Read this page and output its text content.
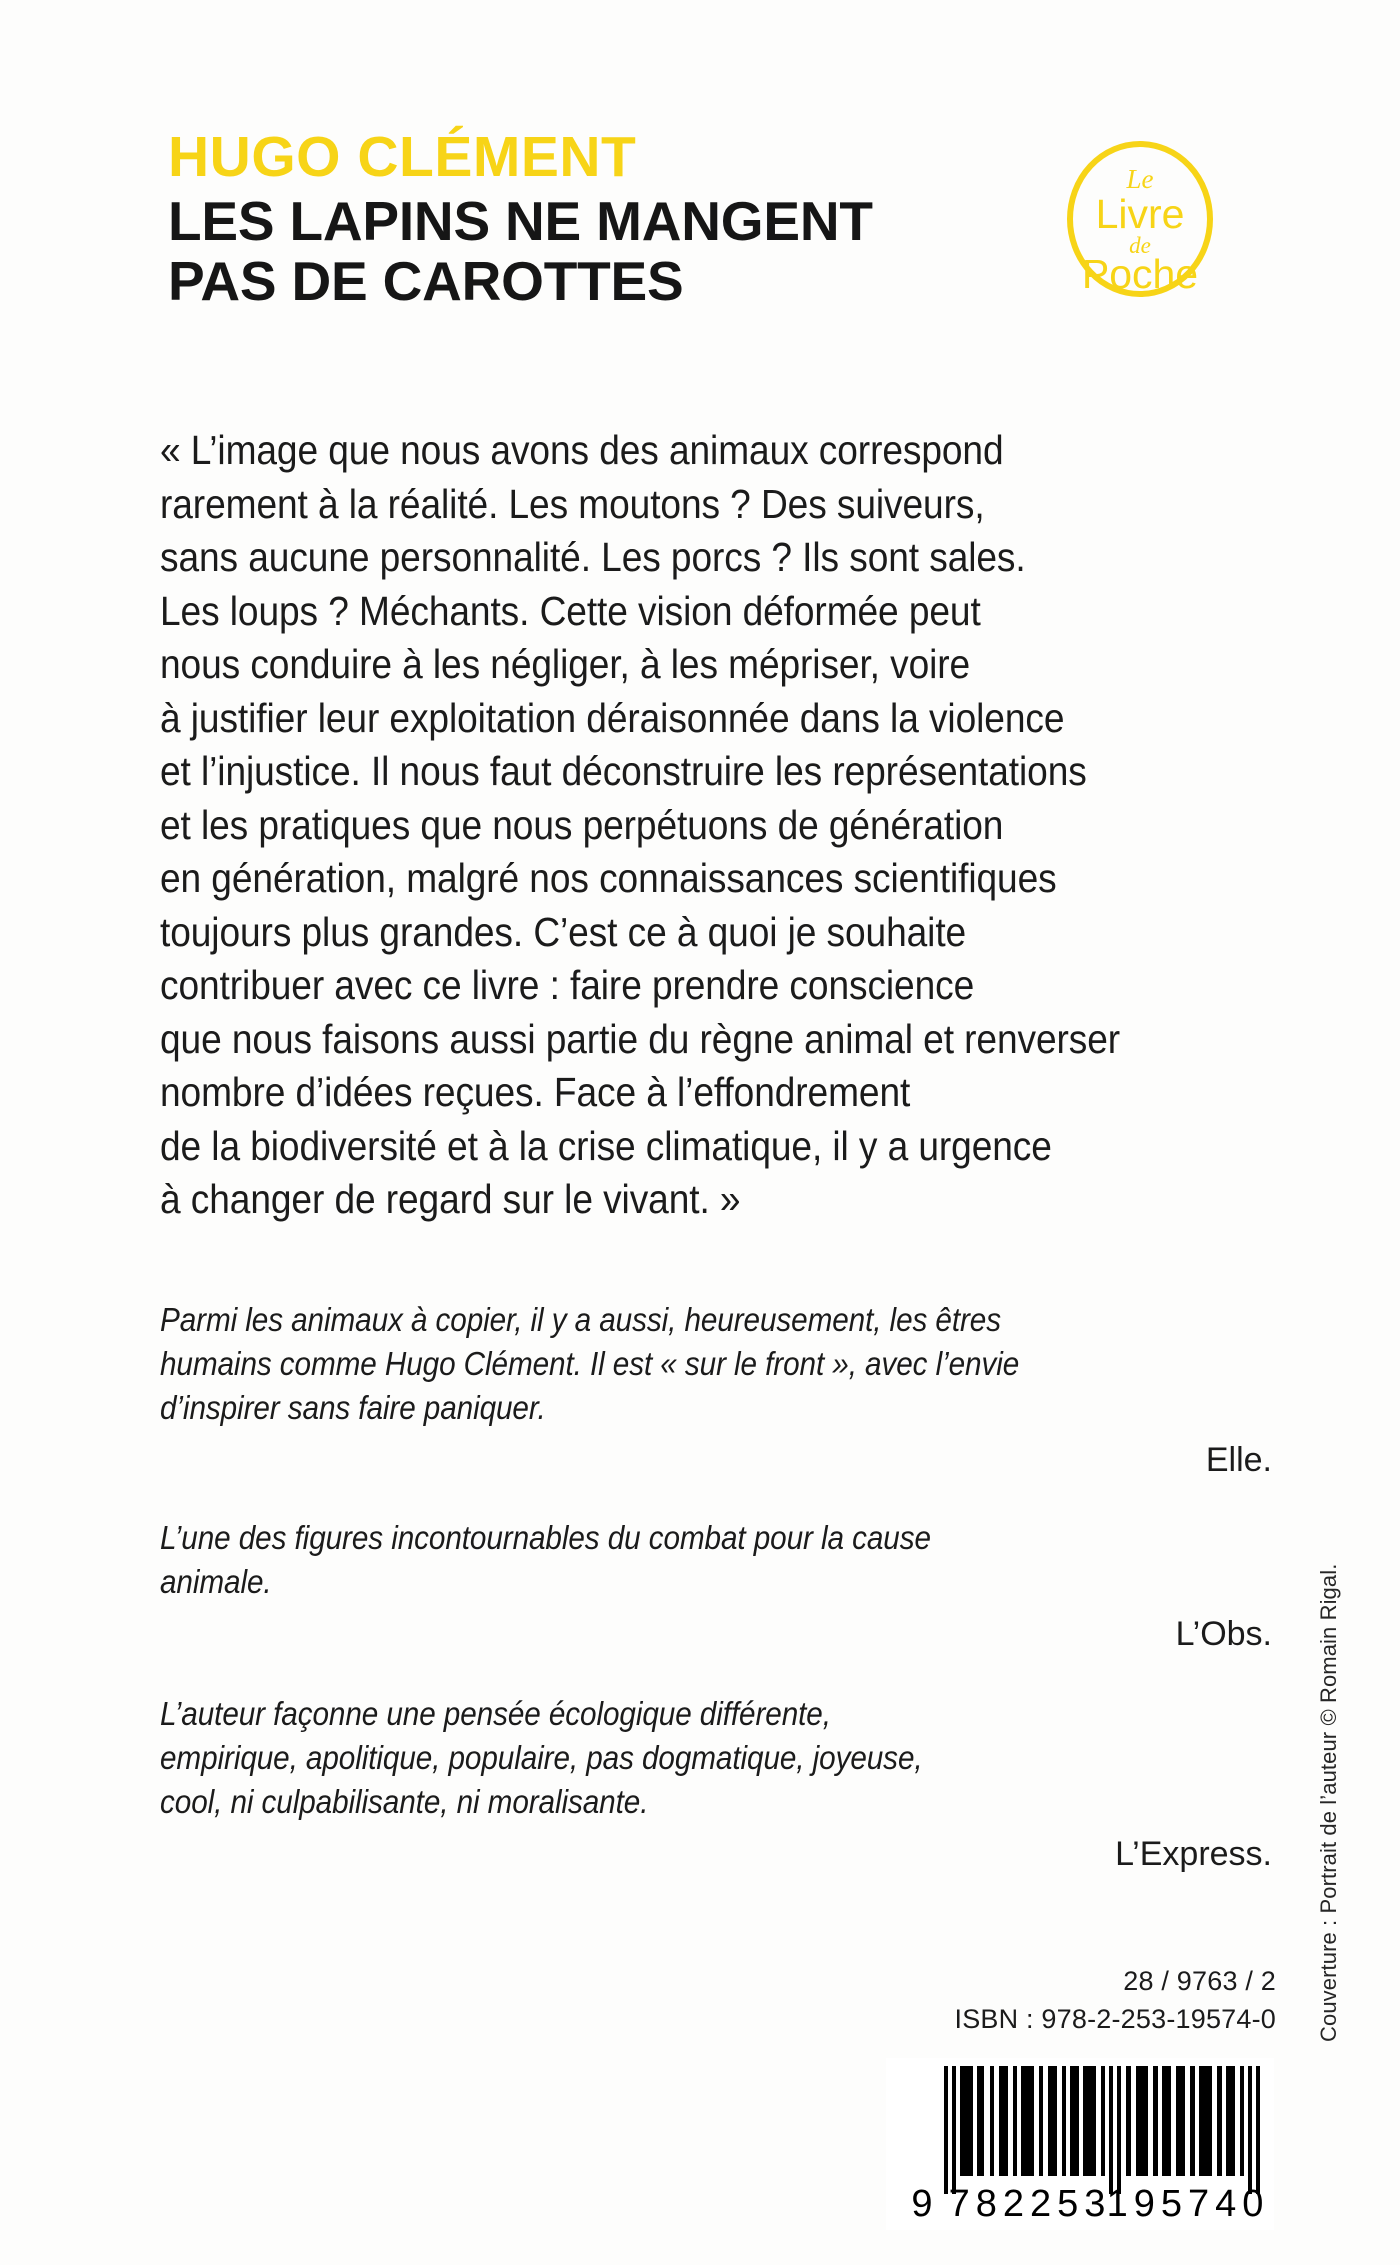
HUGO CLÉMENT
LES LAPINS NE MANGENT
PAS DE CAROTTES
Le
Livre
de
Poche
« L’image que nous avons des animaux correspond
rarement à la réalité. Les moutons ? Des suiveurs,
sans aucune personnalité. Les porcs ? Ils sont sales.
Les loups ? Méchants. Cette vision déformée peut
nous conduire à les négliger, à les mépriser, voire
à justifier leur exploitation déraisonnée dans la violence
et l’injustice. Il nous faut déconstruire les représentations
et les pratiques que nous perpétuons de génération
en génération, malgré nos connaissances scientifiques
toujours plus grandes. C’est ce à quoi je souhaite
contribuer avec ce livre : faire prendre conscience
que nous faisons aussi partie du règne animal et renverser
nombre d’idées reçues. Face à l’effondrement
de la biodiversité et à la crise climatique, il y a urgence
à changer de regard sur le vivant. »
Parmi les animaux à copier, il y a aussi, heureusement, les êtres
humains comme Hugo Clément. Il est « sur le front », avec l’envie
d’inspirer sans faire paniquer.
Elle.
L’une des figures incontournables du combat pour la cause
animale.
L’Obs.
L’auteur façonne une pensée écologique différente,
empirique, apolitique, populaire, pas dogmatique, joyeuse,
cool, ni culpabilisante, ni moralisante.
L’Express.
28 / 9763 / 2
ISBN : 978-2-253-19574-0
9 782253
195740
Couverture : Portrait de l’auteur © Romain Rigal.
